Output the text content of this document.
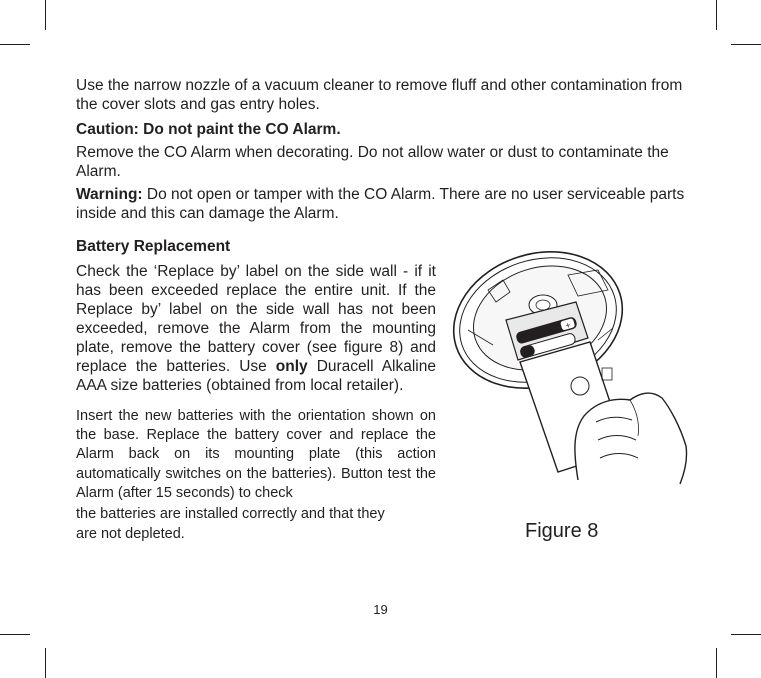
Use the narrow nozzle of a vacuum cleaner to remove fluff and other contamination from the cover slots and gas entry holes.

Caution: Do not paint the CO Alarm.

Remove the CO Alarm when decorating. Do not allow water or dust to contaminate the Alarm.

Warning: Do not open or tamper with the CO Alarm. There are no user serviceable parts inside and this can damage the Alarm.

Battery Replacement

Check the ‘Replace by’ label on the side wall - if it has been exceeded replace the entire unit. If the Replace by’ label on the side wall has not been exceeded, remove the Alarm from the mounting plate, remove the battery cover (see figure 8) and replace the batteries. Use only Duracell Alkaline AAA size batteries (obtained from local retailer).

Insert the new batteries with the orientation shown on the base. Replace the battery cover and replace the Alarm back on its mounting plate (this action automatically switches on the batteries). Button test the Alarm (after 15 seconds) to check

the batteries are installed correctly and that they

are not depleted.

+
Figure 8
19
